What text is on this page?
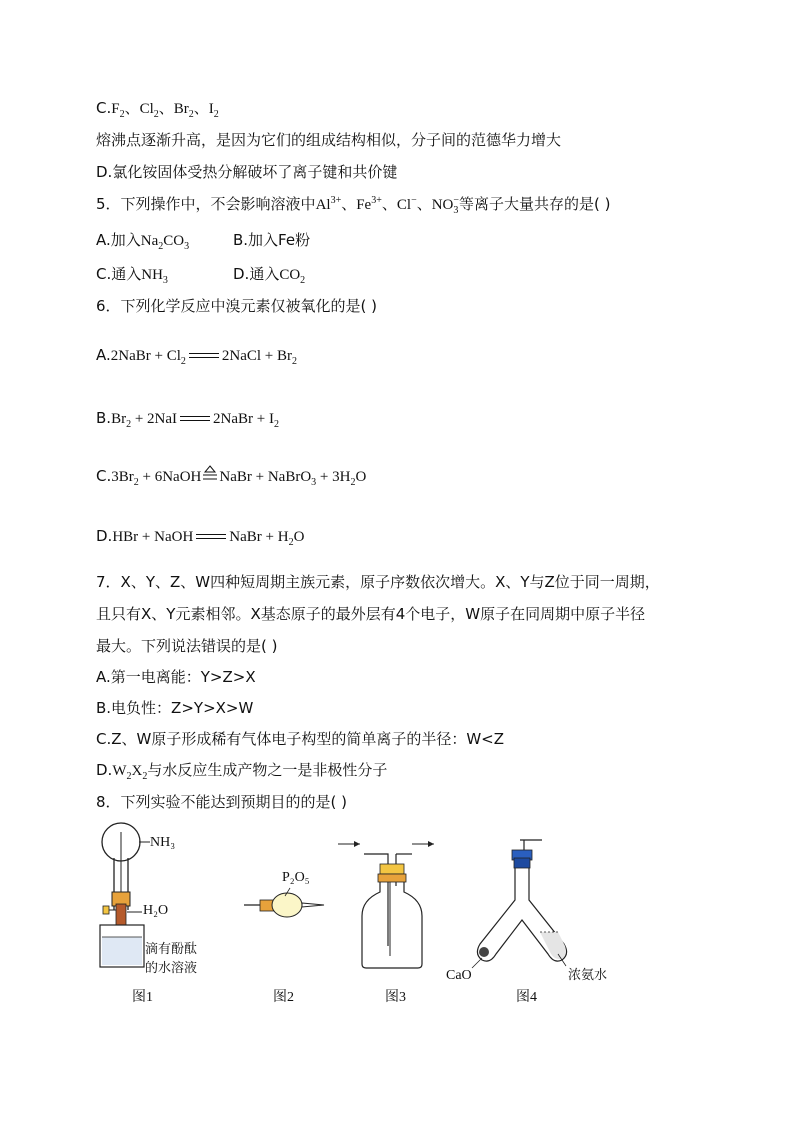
$C.F_2$、$Cl_2$、$Br_2$、$I_2$
熔沸点逐渐升高，是因为它们的组成结构相似，分子间的范德华力增大
D.氯化铵固体受热分解破坏了离子键和共价键
5．下列操作中，不会影响溶液中$Al^{3+}$、$Fe^{3+}$、Cl−、NO −
3 等离子大量共存的是( )
A.加入$Na_2CO_3$	B.加入Fe粉
C.通入$NH_3$	D.通入$CO_2$
6．下列化学反应中溴元素仅被氧化的是( )
A.2NaBr + $Cl_2$ 2NaCl + $Br_2$
$B.Br_2 + 2NaI$ 2NaBr + $I_2$
$C.3Br_2$ + 6NaOH NaBr + NaBrO$_3$ + $3H_2O$
D.HBr + NaOH NaBr + $H_2O$
7．X、Y、Z、W四种短周期主族元素，原子序数依次增大。X、Y与Z位于同一周期，
且只有X、Y元素相邻。X基态原子的最外层有4个电子，W原子在同周期中原子半径
最大。下列说法错误的是( )
A.第一电离能：Y>Z>X
B.电负性：Z>Y>X>W
C.Z、W原子形成稀有气体电子构型的简单离子的半径：W<Z
$D.W_2X_2$与水反应生成产物之一是非极性分子
8．下列实验不能达到预期目的的是( )
NH₃
H₂O
滴有酚酞
的水溶液
图1
P₂O₅
图2	图3
CaO	浓氨水
图4
